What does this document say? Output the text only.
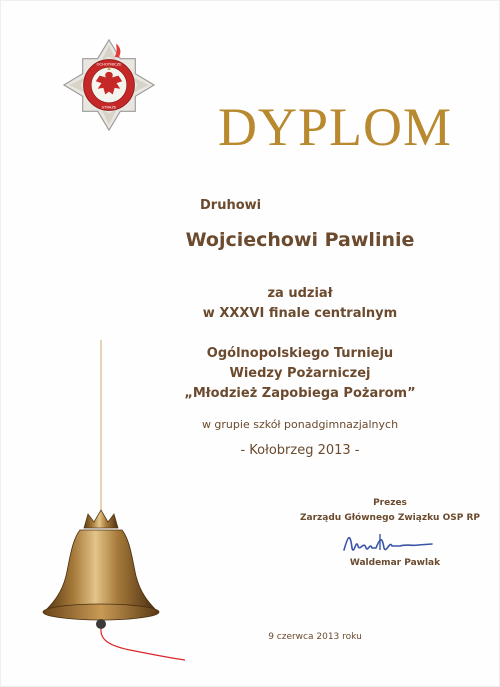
OCHOTNICZE
STRAŻE	DYPLOM
Druhowi
Wojciechowi Pawlinie
za udział
w XXXVI finale centralnym
Ogólnopolskiego Turnieju
Wiedzy Pożarniczej
„Młodzież Zapobiega Pożarom”
w grupie szkół ponadgimnazjalnych
- Kołobrzeg 2013 -
Prezes
Zarządu Głównego Związku OSP RP
Waldemar Pawlak
9 czerwca 2013 roku
